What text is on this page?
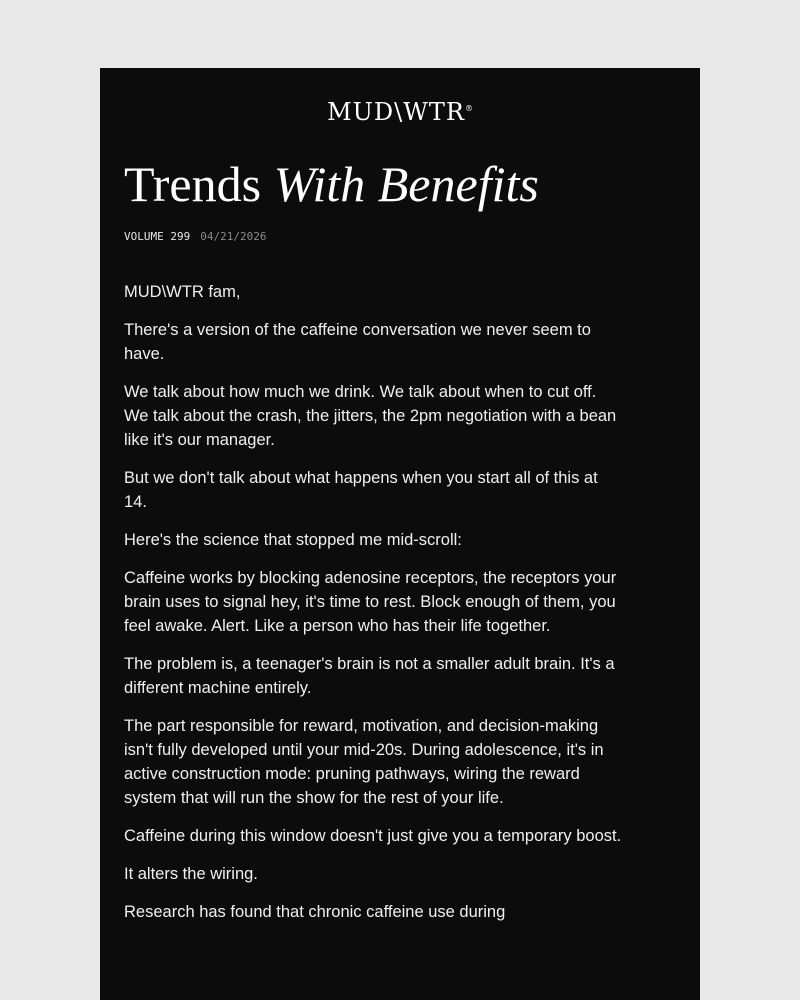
MUD\WTR®
Trends With Benefits
VOLUME 299 04/21/2026

MUD\WTR fam,

There's a version of the caffeine conversation we never seem to have.

We talk about how much we drink. We talk about when to cut off. We talk about the crash, the jitters, the 2pm negotiation with a bean like it's our manager.

But we don't talk about what happens when you start all of this at 14.

Here's the science that stopped me mid-scroll:

Caffeine works by blocking adenosine receptors, the receptors your brain uses to signal hey, it's time to rest. Block enough of them, you feel awake. Alert. Like a person who has their life together.

The problem is, a teenager's brain is not a smaller adult brain. It's a different machine entirely.

The part responsible for reward, motivation, and decision-making isn't fully developed until your mid-20s. During adolescence, it's in active construction mode: pruning pathways, wiring the reward system that will run the show for the rest of your life.

Caffeine during this window doesn't just give you a temporary boost.

It alters the wiring.

Research has found that chronic caffeine use during
